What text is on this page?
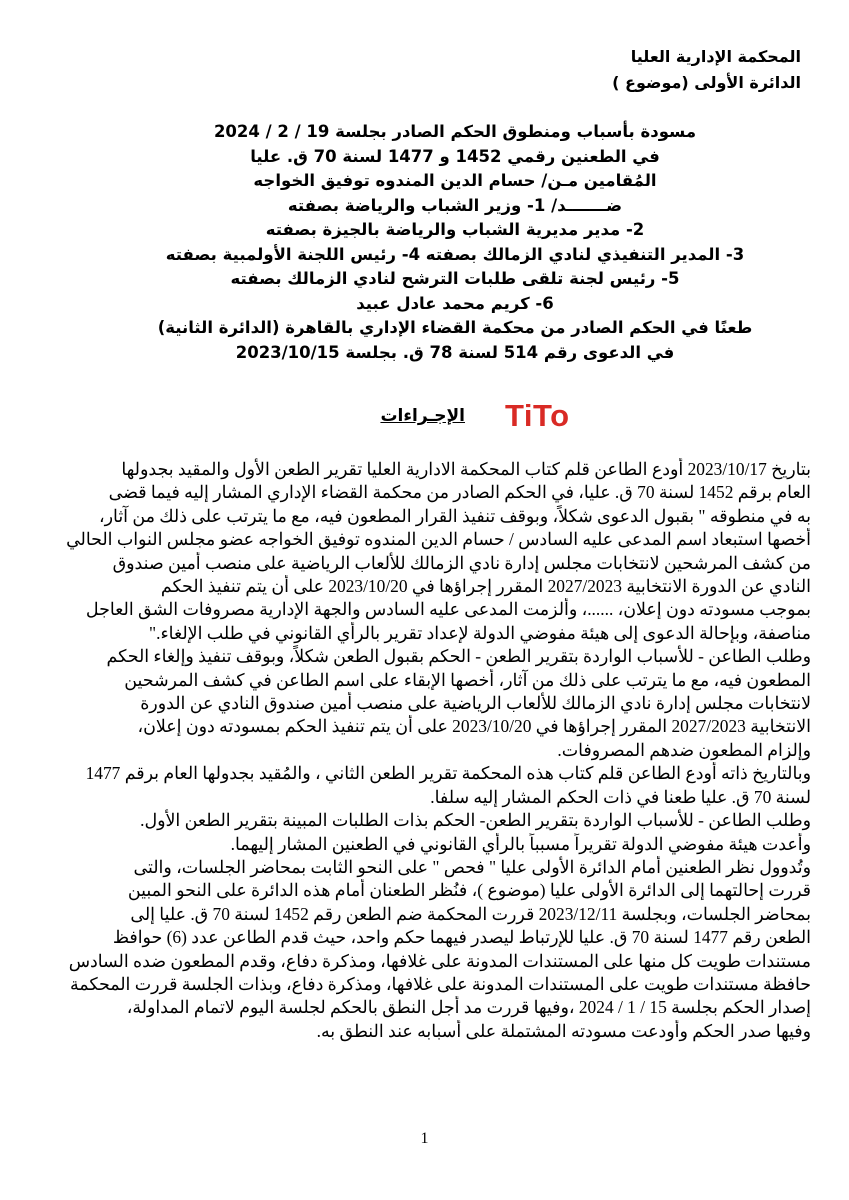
المحكمة الإدارية العليا
الدائرة الأولى (موضوع )
مسودة بأسباب ومنطوق الحكم الصادر بجلسة 19 / 2 / 2024
في الطعنين رقمي 1452 و 1477 لسنة 70 ق. عليا
المُقامين مـن/ حسام الدين المندوه توفيق الخواجه
ضـــــــد/ 1- وزير الشباب والرياضة بصفته
2- مدير مديرية الشباب والرياضة بالجيزة بصفته
3- المدير التنفيذي لنادي الزمالك بصفته 4- رئيس اللجنة الأولمبية بصفته
5- رئيس لجنة تلقى طلبات الترشح لنادي الزمالك بصفته
6- كريم محمد عادل عبيد
طعنًا في الحكم الصادر من محكمة القضاء الإداري بالقاهرة (الدائرة الثانية)
في الدعوى رقم 514 لسنة 78 ق. بجلسة 2023/10/15
الإجـراءات TiTo
بتاريخ 2023/10/17 أودع الطاعن قلم كتاب المحكمة الادارية العليا تقرير الطعن الأول والمقيد بجدولها
العام برقم 1452 لسنة 70 ق. عليا، في الحكم الصادر من محكمة القضاء الإداري المشار إليه فيما قضى
به في منطوقه " بقبول الدعوى شكلاً، وبوقف تنفيذ القرار المطعون فيه، مع ما يترتب على ذلك من آثار،
أخصها استبعاد اسم المدعى عليه السادس / حسام الدين المندوه توفيق الخواجه عضو مجلس النواب الحالي
من كشف المرشحين لانتخابات مجلس إدارة نادي الزمالك للألعاب الرياضية على منصب أمين صندوق
النادي عن الدورة الانتخابية 2027/2023 المقرر إجراؤها في 2023/10/20 على أن يتم تنفيذ الحكم
بموجب مسودته دون إعلان، ......، وألزمت المدعى عليه السادس والجهة الإدارية مصروفات الشق العاجل
مناصفة، وبإحالة الدعوى إلى هيئة مفوضي الدولة لإعداد تقرير بالرأي القانوني في طلب الإلغاء."
وطلب الطاعن - للأسباب الواردة بتقرير الطعن - الحكم بقبول الطعن شكلاً، وبوقف تنفيذ وإلغاء الحكم
المطعون فيه، مع ما يترتب على ذلك من آثار، أخصها الإبقاء على اسم الطاعن في كشف المرشحين
لانتخابات مجلس إدارة نادي الزمالك للألعاب الرياضية على منصب أمين صندوق النادي عن الدورة
الانتخابية 2027/2023 المقرر إجراؤها في 2023/10/20 على أن يتم تنفيذ الحكم بمسودته دون إعلان،
وإلزام المطعون ضدهم المصروفات.
وبالتاريخ ذاته أودع الطاعن قلم كتاب هذه المحكمة تقرير الطعن الثاني ، والمُقيد بجدولها العام برقم 1477
لسنة 70 ق. عليا طعنا في ذات الحكم المشار إليه سلفا.
وطلب الطاعن - للأسباب الواردة بتقرير الطعن- الحكم بذات الطلبات المبينة بتقرير الطعن الأول.
وأعدت هيئة مفوضي الدولة تقريراً مسبباً بالرأي القانوني في الطعنين المشار إليهما.
وتُدوول نظر الطعنين أمام الدائرة الأولى عليا " فحص " على النحو الثابت بمحاضر الجلسات، والتى
قررت إحالتهما إلى الدائرة الأولى عليا (موضوع )، فنُظر الطعنان أمام هذه الدائرة على النحو المبين
بمحاضر الجلسات، وبجلسة 2023/12/11 قررت المحكمة ضم الطعن رقم 1452 لسنة 70 ق. عليا إلى
الطعن رقم 1477 لسنة 70 ق. عليا للإرتباط ليصدر فيهما حكم واحد، حيث قدم الطاعن عدد (6) حوافظ
مستندات طويت كل منها على المستندات المدونة على غلافها، ومذكرة دفاع، وقدم المطعون ضده السادس
حافظة مستندات طويت على المستندات المدونة على غلافها، ومذكرة دفاع، وبذات الجلسة قررت المحكمة
إصدار الحكم بجلسة 15 / 1 / 2024 ،وفيها قررت مد أجل النطق بالحكم لجلسة اليوم لاتمام المداولة،
وفيها صدر الحكم وأودعت مسودته المشتملة على أسبابه عند النطق به.
1
